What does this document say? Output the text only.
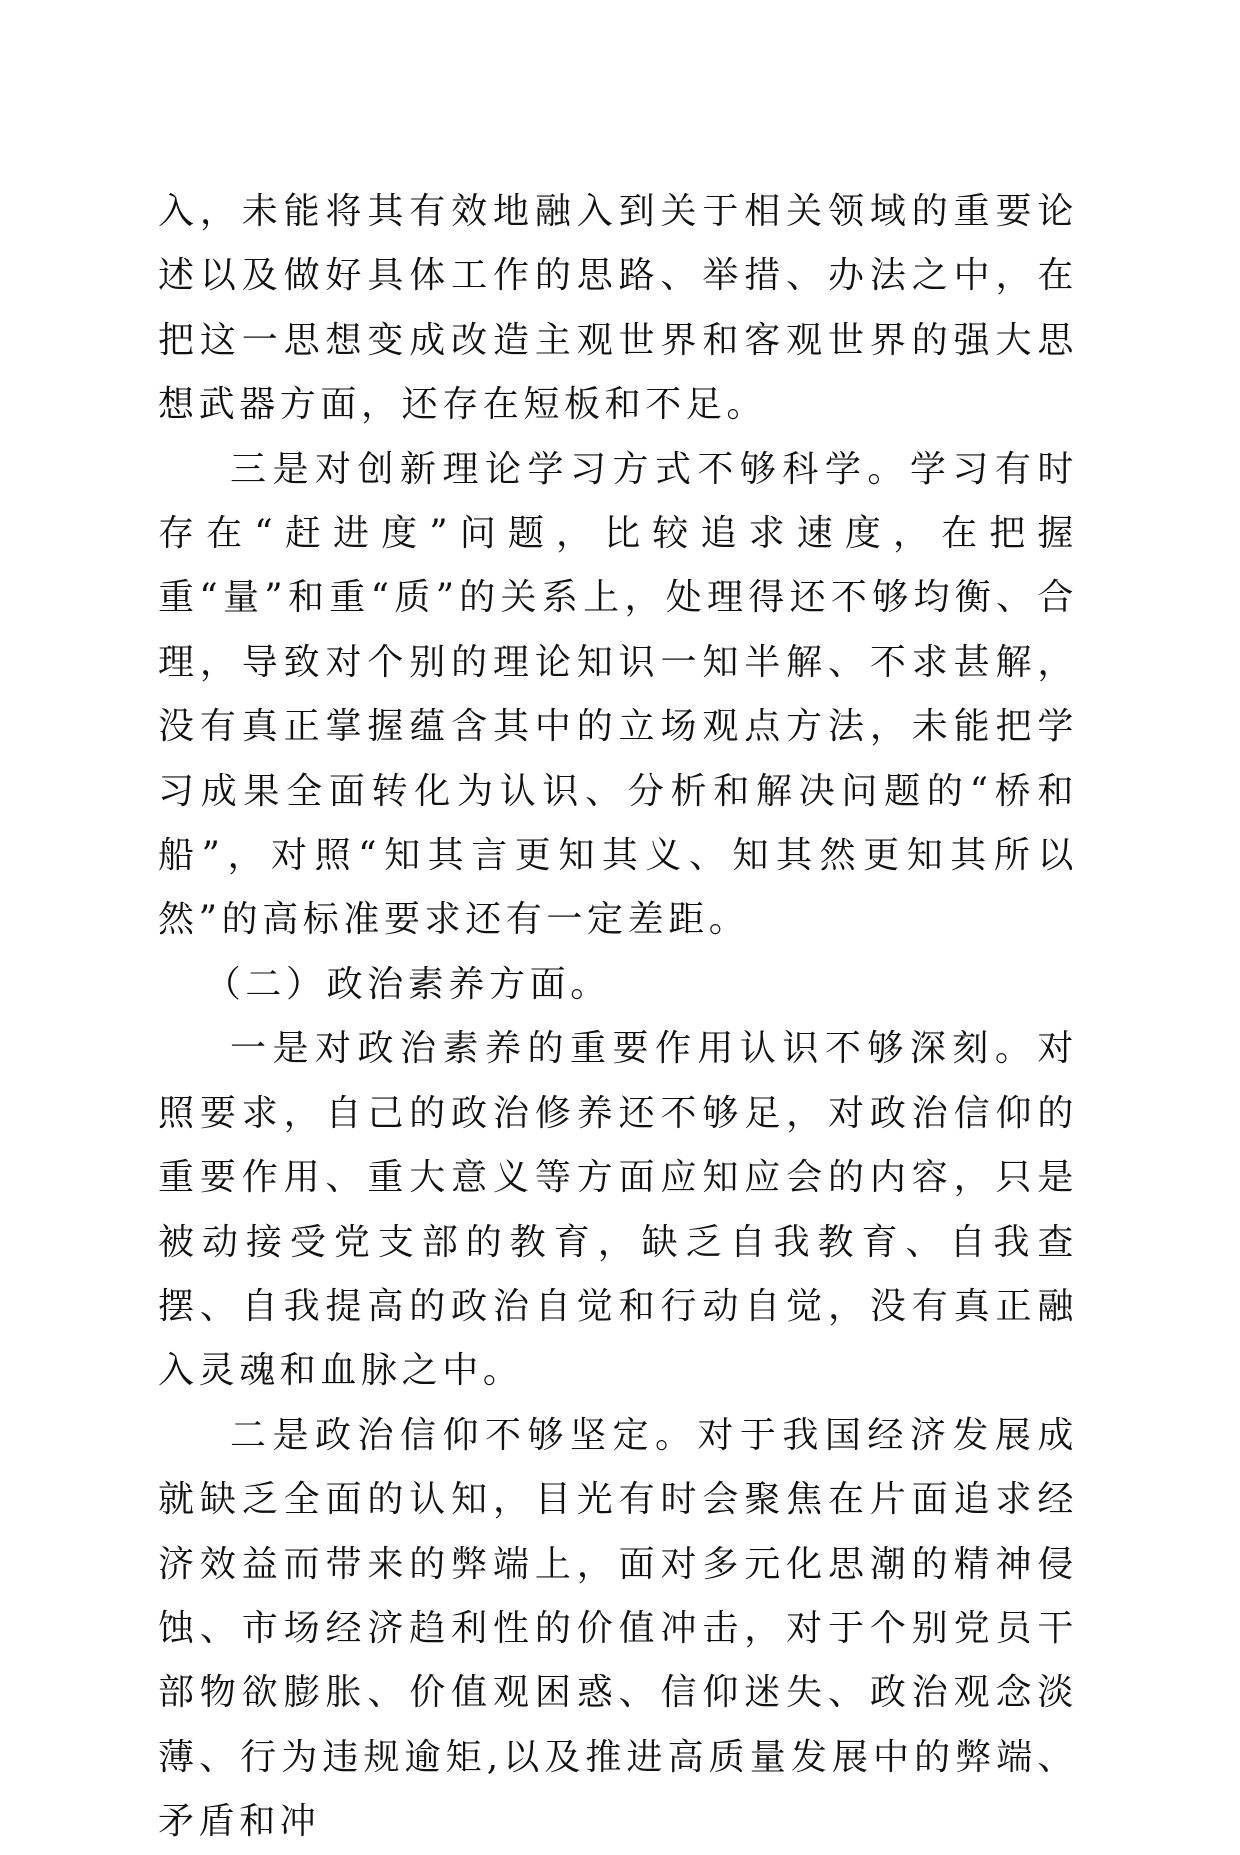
入，未能将其有效地融入到关于相关领域的重要论述以及做好具体工作的思路、举措、办法之中，在把这一思想变成改造主观世界和客观世界的强大思想武器方面，还存在短板和不足。

三是对创新理论学习方式不够科学。学习有时存在“赶进度”问题，比较追求速度，在把握重“量”和重“质”的关系上，处理得还不够均衡、合理，导致对个别的理论知识一知半解、不求甚解，没有真正掌握蕴含其中的立场观点方法，未能把学习成果全面转化为认识、分析和解决问题的“桥和船”，对照“知其言更知其义、知其然更知其所以然”的高标准要求还有一定差距。

（二）政治素养方面。

一是对政治素养的重要作用认识不够深刻。对照要求，自己的政治修养还不够足，对政治信仰的重要作用、重大意义等方面应知应会的内容，只是被动接受党支部的教育，缺乏自我教育、自我查摆、自我提高的政治自觉和行动自觉，没有真正融入灵魂和血脉之中。

二是政治信仰不够坚定。对于我国经济发展成就缺乏全面的认知，目光有时会聚焦在片面追求经济效益而带来的弊端上，面对多元化思潮的精神侵蚀、市场经济趋利性的价值冲击，对于个别党员干部物欲膨胀、价值观困惑、信仰迷失、政治观念淡薄、行为违规逾矩,以及推进高质量发展中的弊端、矛盾和冲
